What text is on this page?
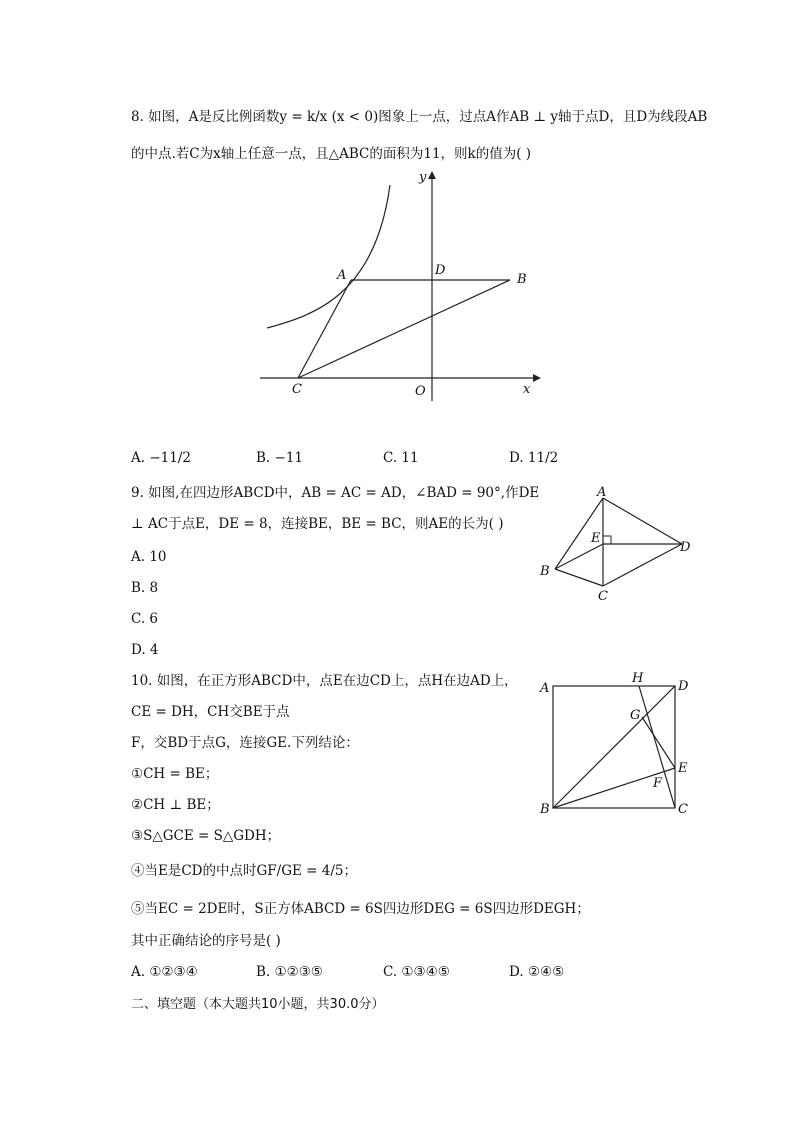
8. 如图，A是反比例函数y = k/x (x < 0)图象上一点，过点A作AB ⊥ y轴于点D，且D为线段AB
的中点.若C为x轴上任意一点，且△ABC的面积为11，则k的值为( )
y
x
A	B
C
D
O
A. −11/2	B. −11	C. 11	D. 11/2
9. 如图,在四边形ABCD中，AB = AC = AD，∠BAD = 90°,作DE
⊥ AC于点E，DE = 8，连接BE，BE = BC，则AE的长为( )
A
B
C
D
E
A. 10
B. 8
C. 6
D. 4
10. 如图，在正方形ABCD中，点E在边CD上，点H在边AD上，
CE = DH，CH交BE于点
F，交BD于点G，连接GE.下列结论：
①CH = BE；
②CH ⊥ BE；
③S△GCE = S△GDH；
④当E是CD的中点时GF/GE = 4/5；
⑤当EC = 2DE时，S正方体ABCD = 6S四边形DEG = 6S四边形DEGH；
其中正确结论的序号是( )
A
B	C
D
E
F
G
H
A. ①②③④	B. ①②③⑤	C. ①③④⑤	D. ②④⑤
二、填空题（本大题共10小题，共30.0分）
